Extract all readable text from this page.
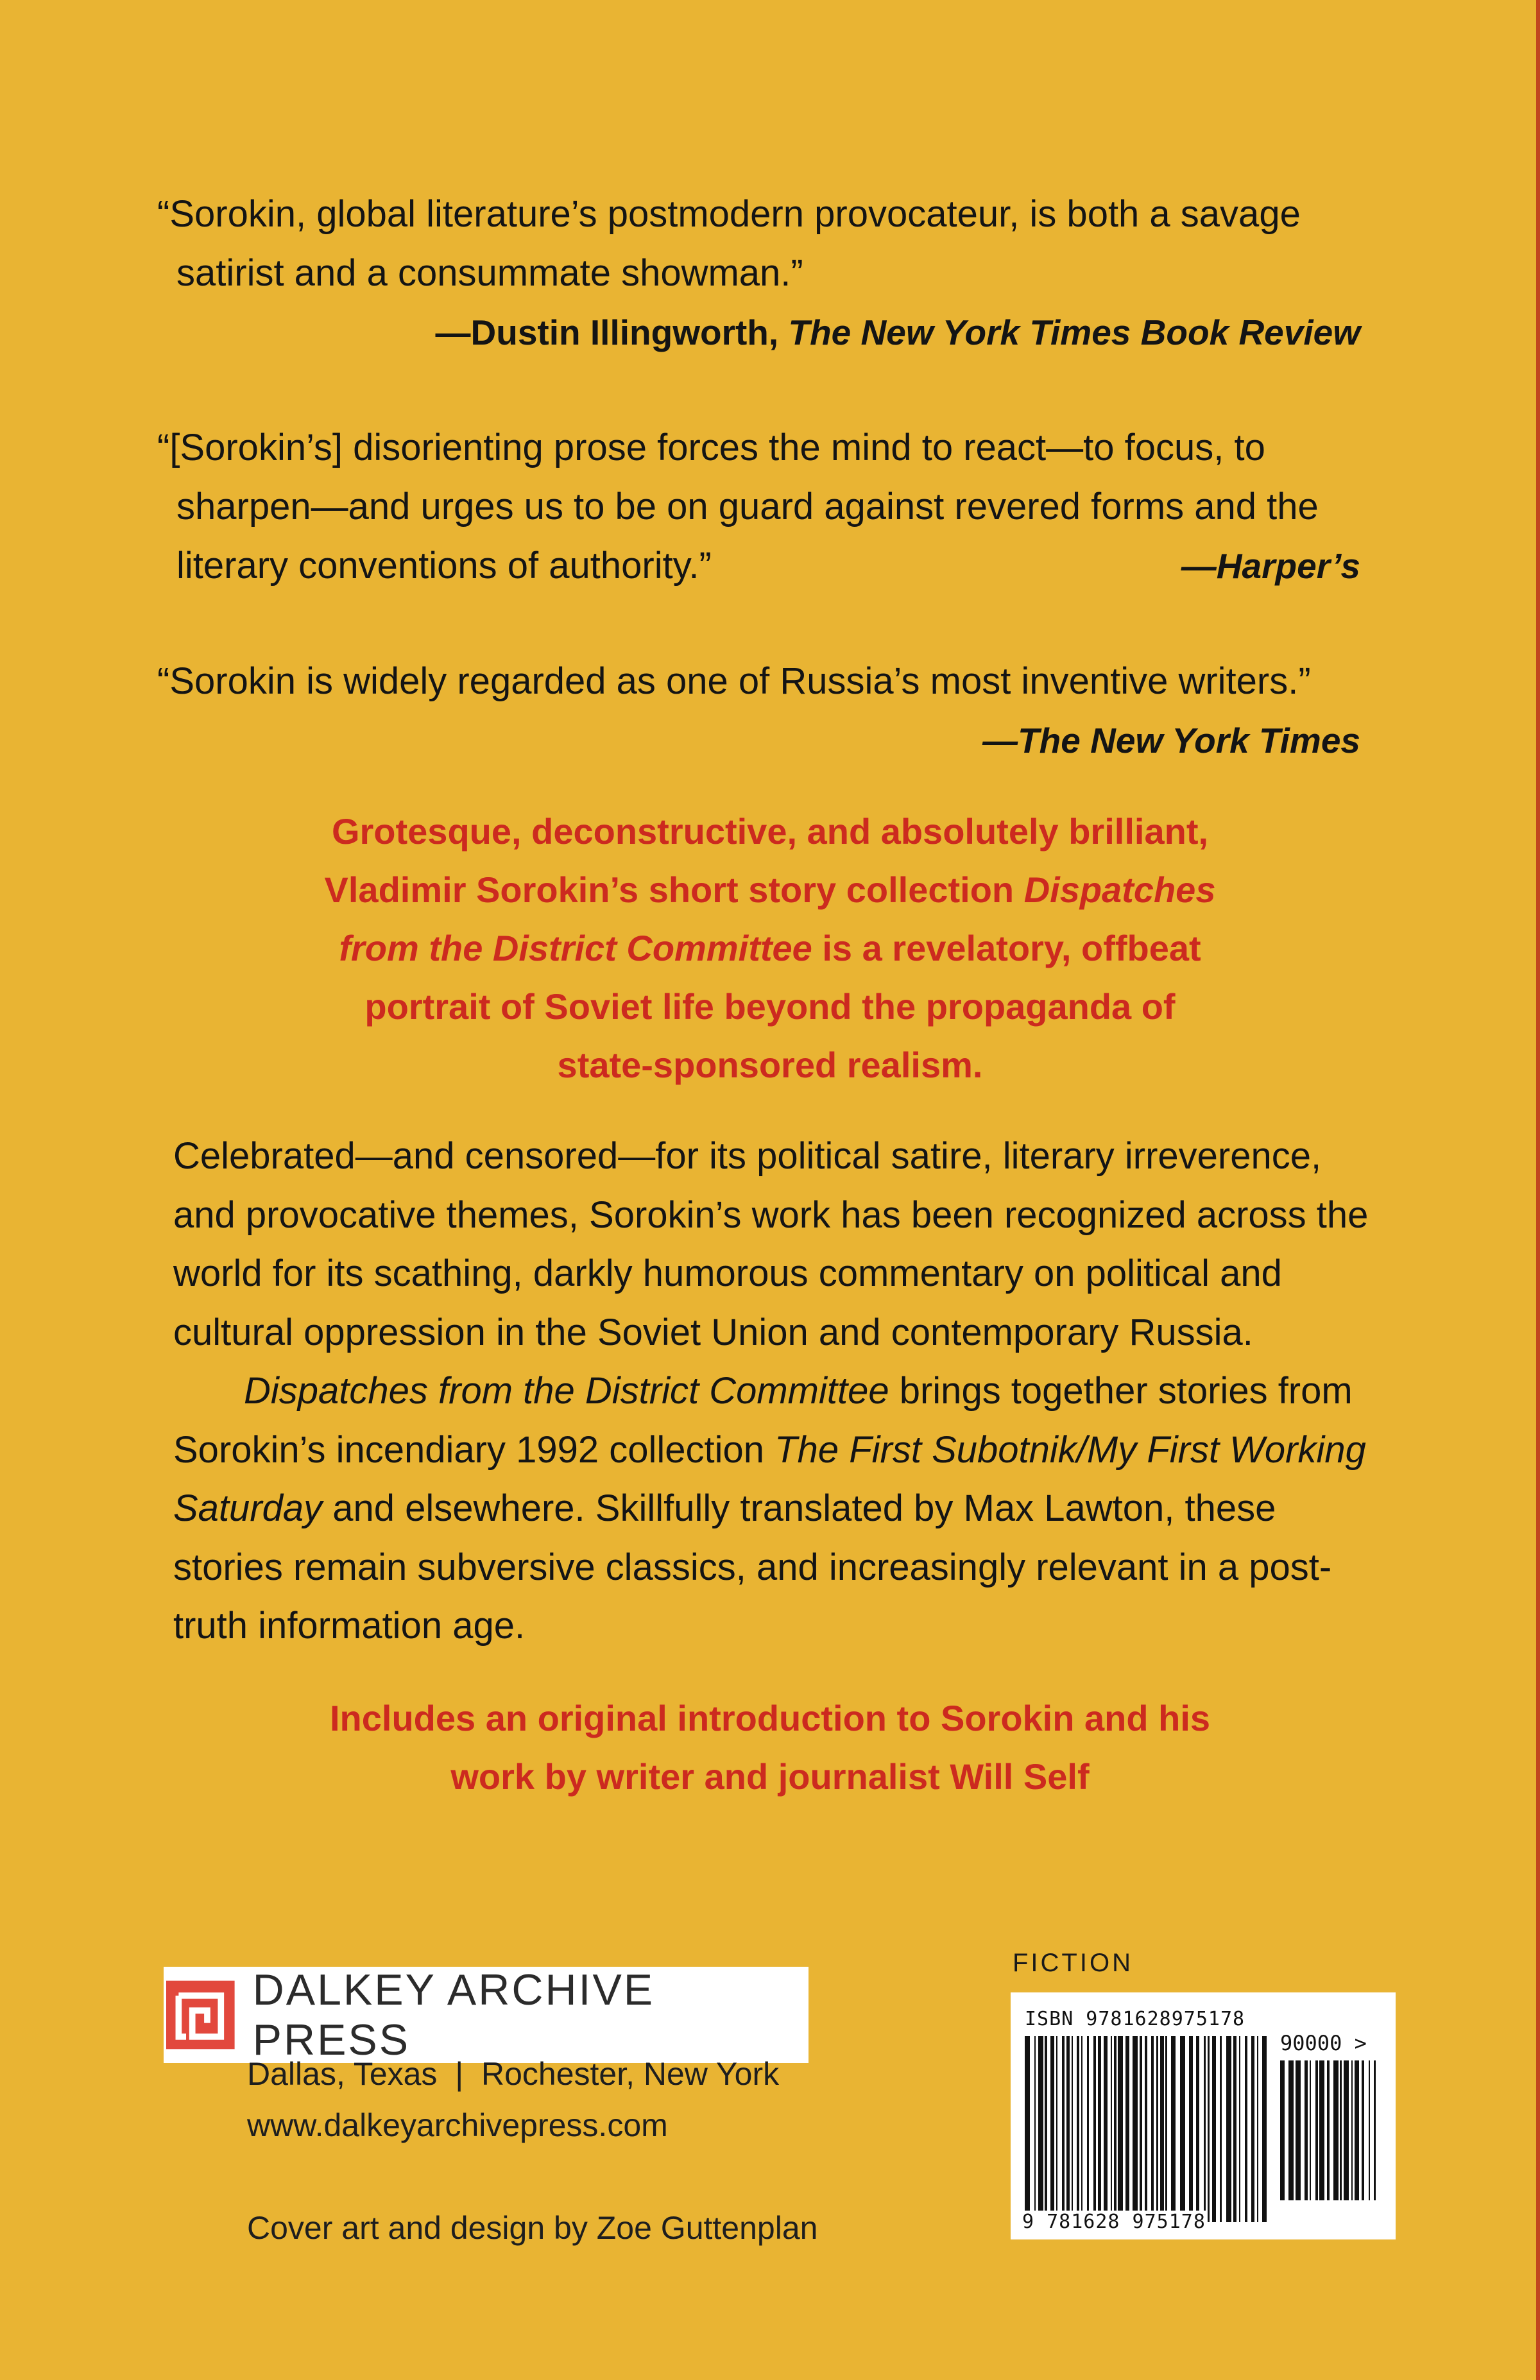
“Sorokin, global literature’s postmodern provocateur, is both a savage
satirist and a consummate showman.”
—Dustin Illingworth, The New York Times Book Review
“[Sorokin’s] disorienting prose forces the mind to react—to focus, to
sharpen—and urges us to be on guard against revered forms and the
literary conventions of authority.”	—Harper’s
“Sorokin is widely regarded as one of Russia’s most inventive writers.”
—The New York Times
Grotesque, deconstructive, and absolutely brilliant,
Vladimir Sorokin’s short story collection Dispatches
from the District Committee is a revelatory, offbeat
portrait of Soviet life beyond the propaganda of
state-sponsored realism.

Celebrated—and censored—for its political satire, literary irreverence, and provocative themes, Sorokin’s work has been recognized across the world for its scathing, darkly humorous commentary on political and cultural oppression in the Soviet Union and contemporary Russia.

Dispatches from the District Committee brings together stories from Sorokin’s incendiary 1992 collection The First Subotnik/My First Working Saturday and elsewhere. Skillfully translated by Max Lawton, these stories remain subversive classics, and increasingly relevant in a post-truth information age.

Includes an original introduction to Sorokin and his
work by writer and journalist Will Self
DALKEY ARCHIVE PRESS
Dallas, Texas  |  Rochester, New York
www.dalkeyarchivepress.com
Cover art and design by Zoe Guttenplan
FICTION
ISBN 9781628975178
90000 >
9 781628 975178
